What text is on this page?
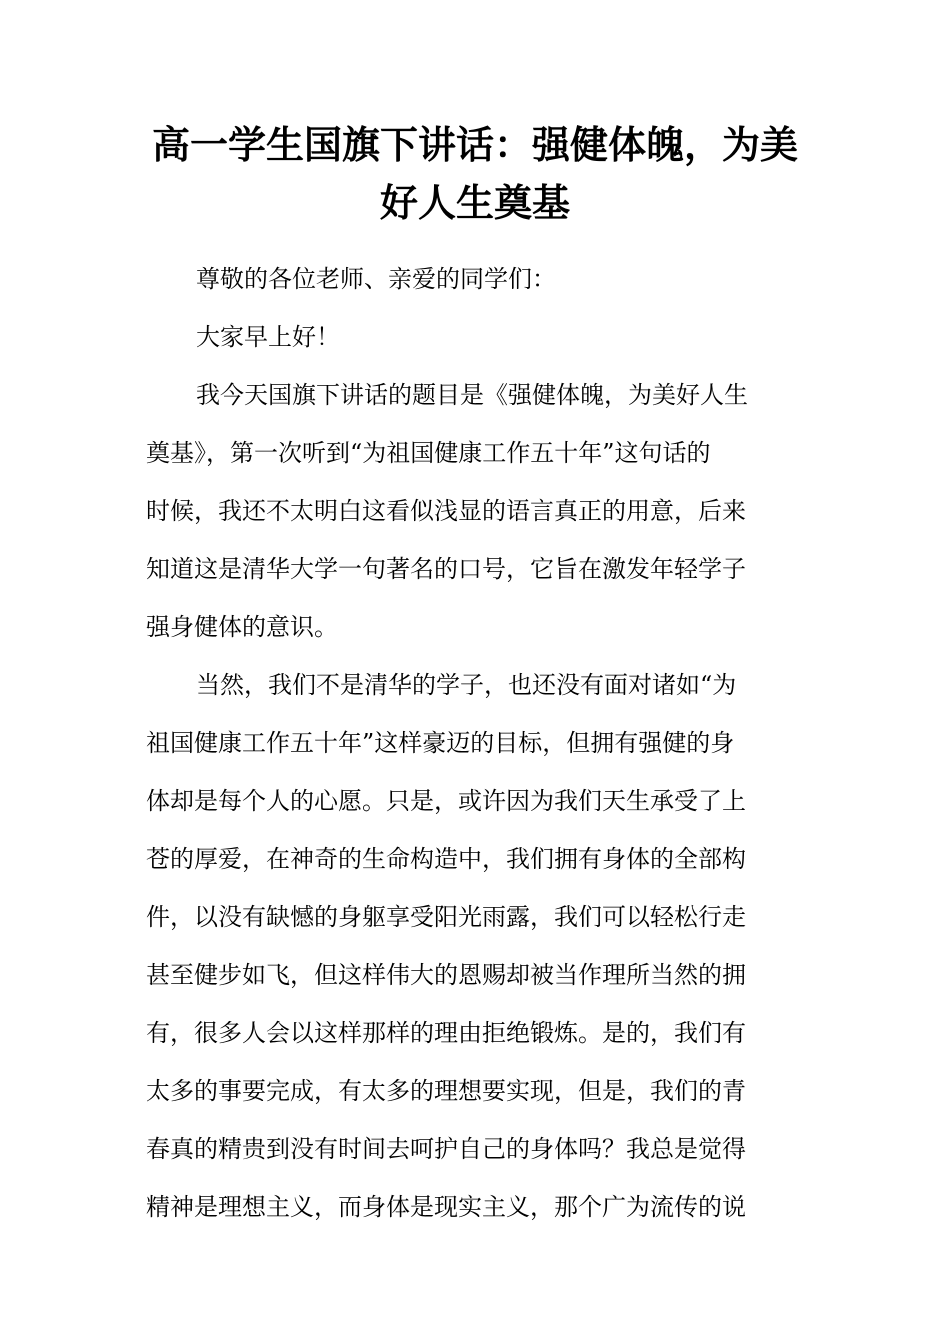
高一学生国旗下讲话：强健体魄，为美
好人生奠基
尊敬的各位老师、亲爱的同学们：
大家早上好！
我今天国旗下讲话的题目是《强健体魄，为美好人生
奠基》，第一次听到“为祖国健康工作五十年”这句话的
时候，我还不太明白这看似浅显的语言真正的用意，后来
知道这是清华大学一句著名的口号，它旨在激发年轻学子
强身健体的意识。
当然，我们不是清华的学子，也还没有面对诸如“为
祖国健康工作五十年”这样豪迈的目标，但拥有强健的身
体却是每个人的心愿。只是，或许因为我们天生承受了上
苍的厚爱，在神奇的生命构造中，我们拥有身体的全部构
件，以没有缺憾的身躯享受阳光雨露，我们可以轻松行走
甚至健步如飞，但这样伟大的恩赐却被当作理所当然的拥
有，很多人会以这样那样的理由拒绝锻炼。是的，我们有
太多的事要完成，有太多的理想要实现，但是，我们的青
春真的精贵到没有时间去呵护自己的身体吗？我总是觉得
精神是理想主义，而身体是现实主义，那个广为流传的说
